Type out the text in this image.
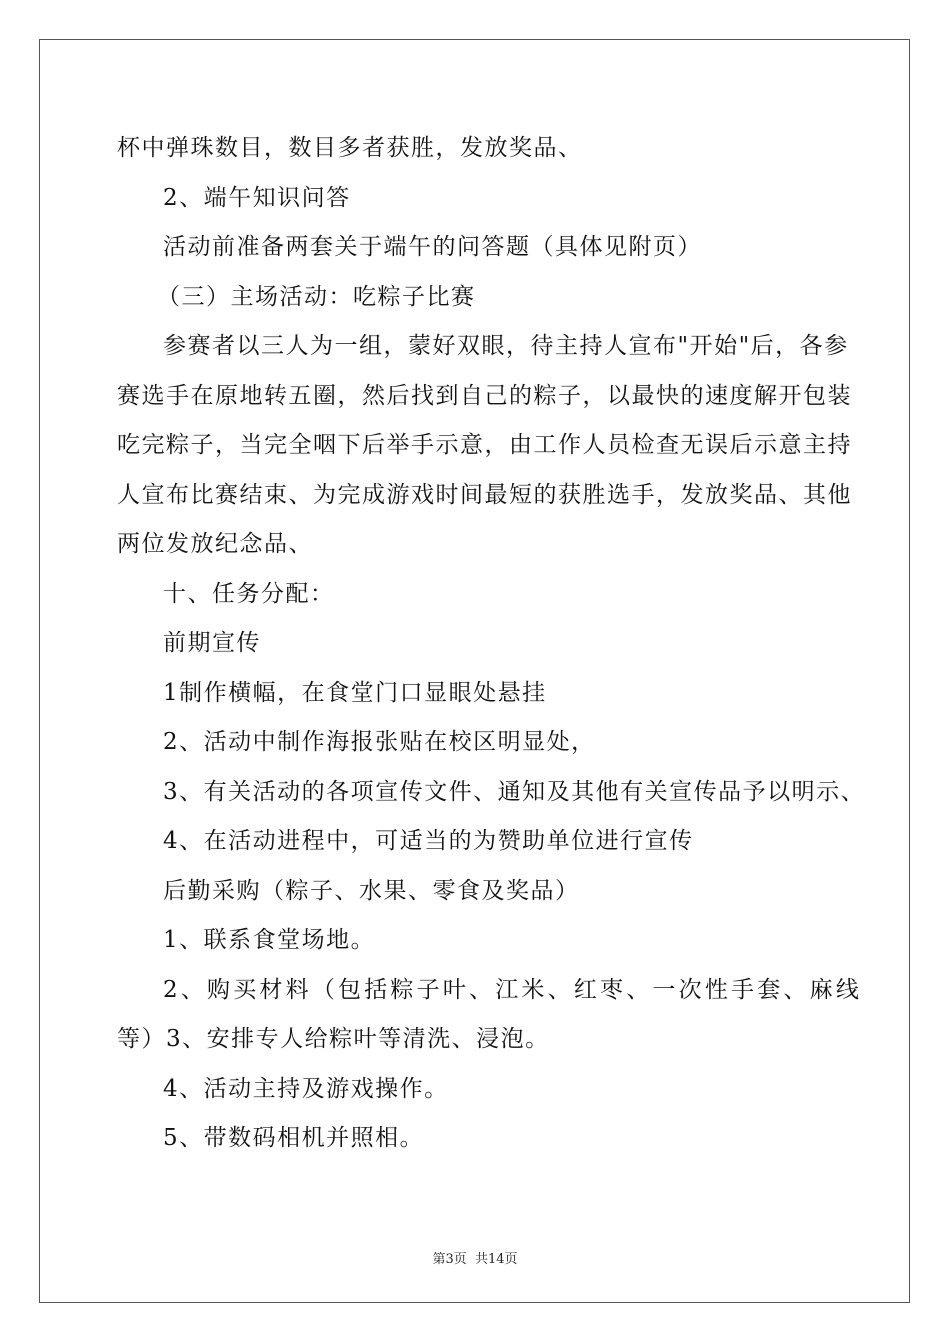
杯中弹珠数目，数目多者获胜，发放奖品、
2、端午知识问答
活动前准备两套关于端午的问答题（具体见附页）
（三）主场活动：吃粽子比赛
参赛者以三人为一组，蒙好双眼，待主持人宣布"开始"后，各参
赛选手在原地转五圈，然后找到自己的粽子，以最快的速度解开包装
吃完粽子，当完全咽下后举手示意，由工作人员检查无误后示意主持
人宣布比赛结束、为完成游戏时间最短的获胜选手，发放奖品、其他
两位发放纪念品、
十、任务分配：
前期宣传
1制作横幅，在食堂门口显眼处悬挂
2、活动中制作海报张贴在校区明显处，
3、有关活动的各项宣传文件、通知及其他有关宣传品予以明示、
4、在活动进程中，可适当的为赞助单位进行宣传
后勤采购（粽子、水果、零食及奖品）
1、联系食堂场地。
2、购买材料（包括粽子叶、江米、红枣、一次性手套、麻线
等）3、安排专人给粽叶等清洗、浸泡。
4、活动主持及游戏操作。
5、带数码相机并照相。
第3页 共14页
